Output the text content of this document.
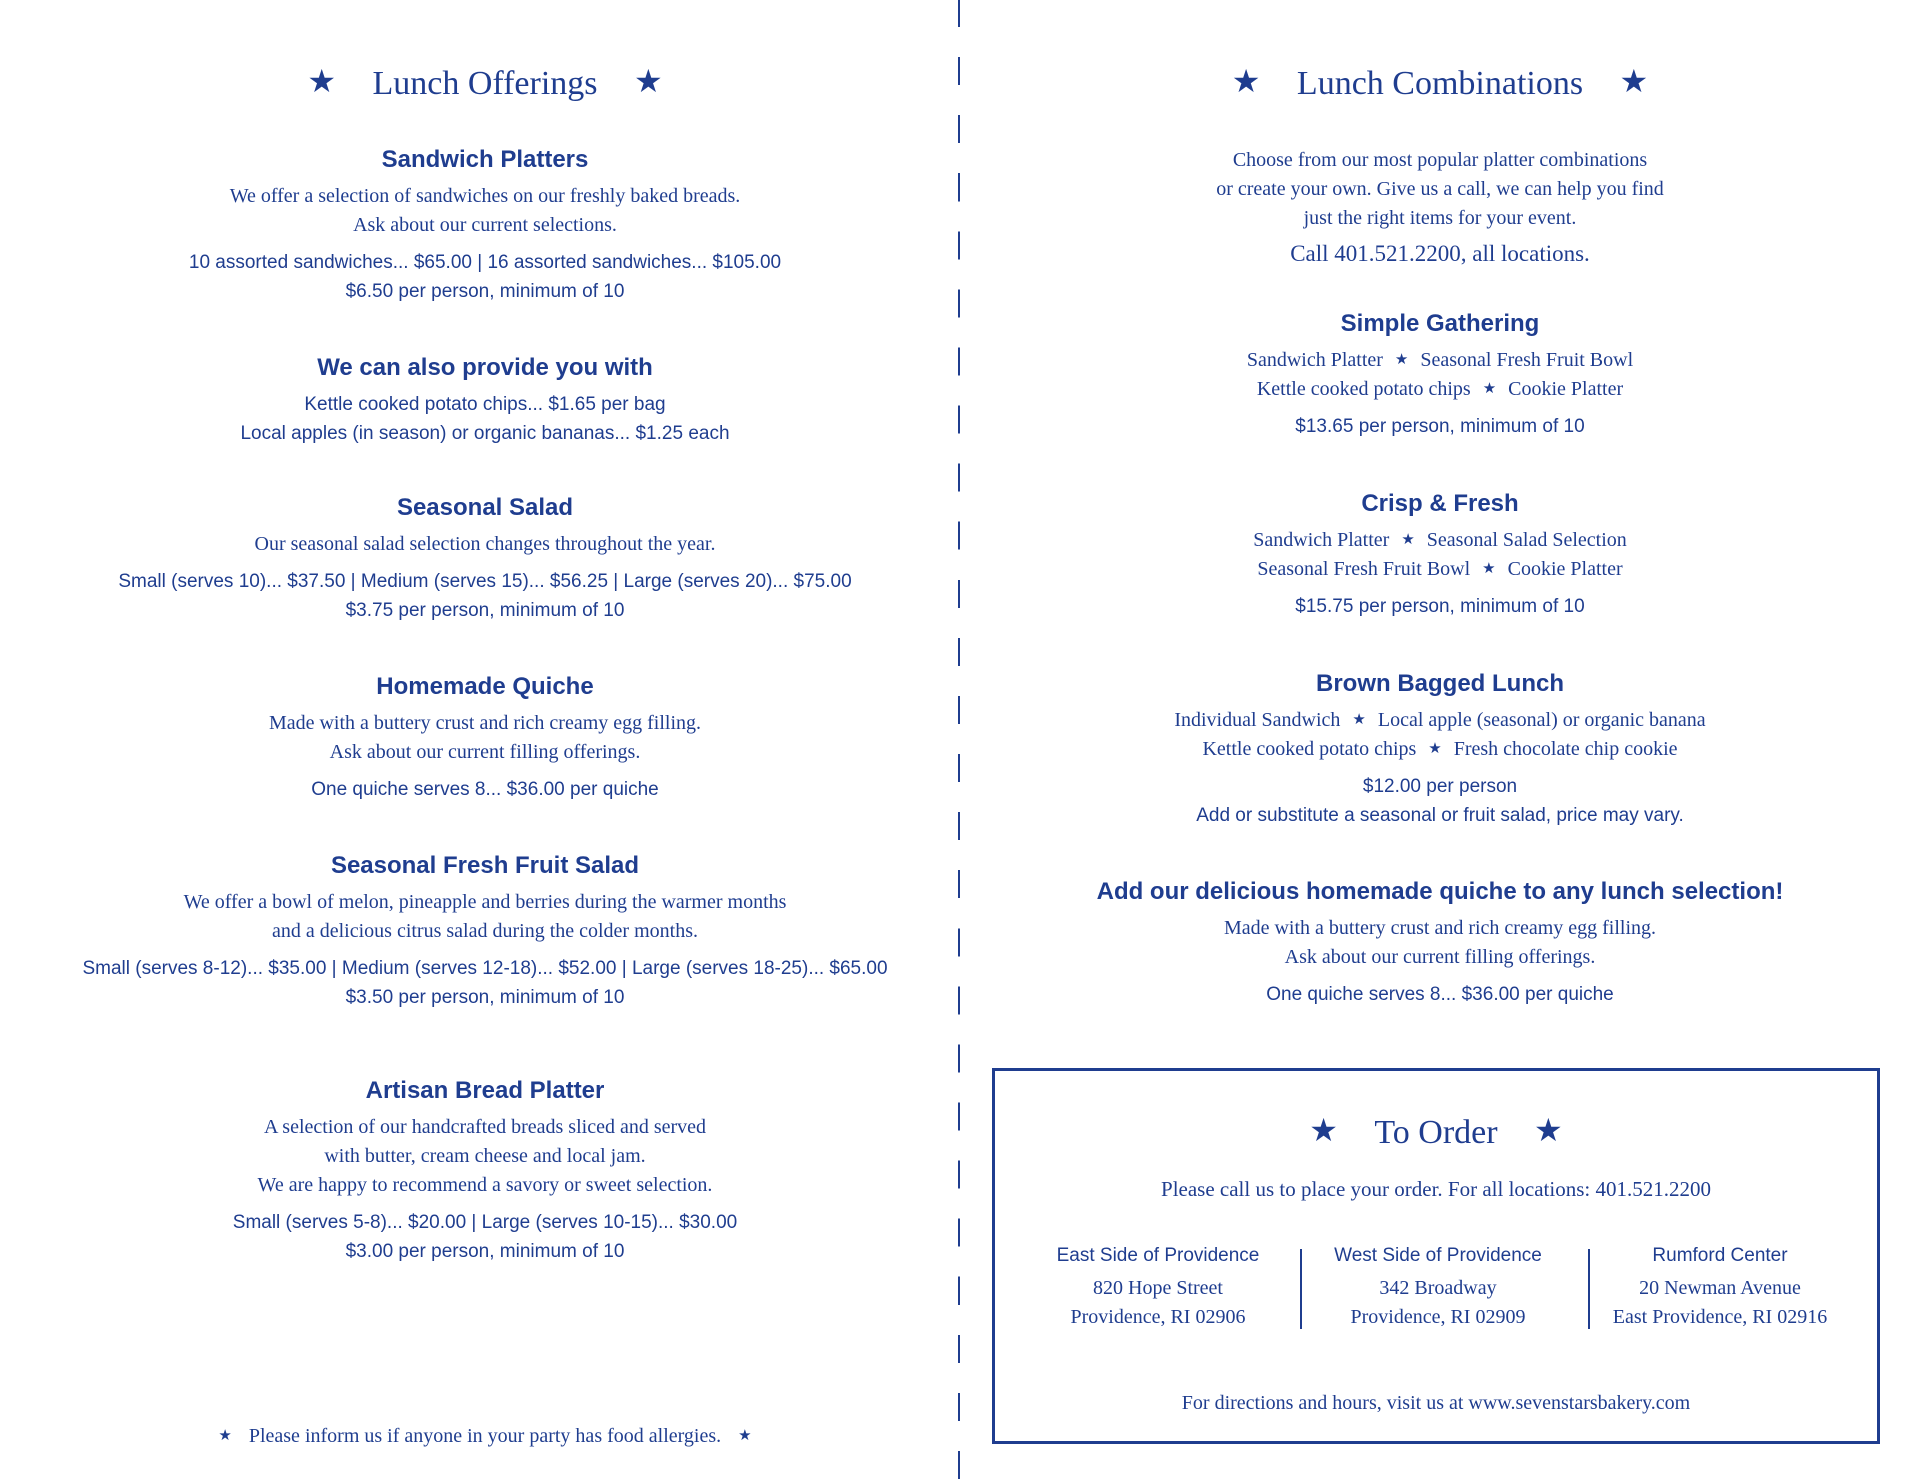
★ Lunch Offerings ★
Sandwich Platters
We offer a selection of sandwiches on our freshly baked breads.
Ask about our current selections.
10 assorted sandwiches... $65.00 | 16 assorted sandwiches... $105.00
$6.50 per person, minimum of 10
We can also provide you with
Kettle cooked potato chips... $1.65 per bag
Local apples (in season) or organic bananas... $1.25 each
Seasonal Salad
Our seasonal salad selection changes throughout the year.
Small (serves 10)... $37.50 | Medium (serves 15)... $56.25 | Large (serves 20)... $75.00
$3.75 per person, minimum of 10
Homemade Quiche
Made with a buttery crust and rich creamy egg filling.
Ask about our current filling offerings.
One quiche serves 8... $36.00 per quiche
Seasonal Fresh Fruit Salad
We offer a bowl of melon, pineapple and berries during the warmer months
and a delicious citrus salad during the colder months.
Small (serves 8-12)... $35.00 | Medium (serves 12-18)... $52.00 | Large (serves 18-25)... $65.00
$3.50 per person, minimum of 10
Artisan Bread Platter
A selection of our handcrafted breads sliced and served
with butter, cream cheese and local jam.
We are happy to recommend a savory or sweet selection.
Small (serves 5-8)... $20.00 | Large (serves 10-15)... $30.00
$3.00 per person, minimum of 10
★ Please inform us if anyone in your party has food allergies. ★
★ Lunch Combinations ★
Choose from our most popular platter combinations
or create your own. Give us a call, we can help you find
just the right items for your event.
Call 401.521.2200, all locations.
Simple Gathering
Sandwich Platter ★ Seasonal Fresh Fruit Bowl
Kettle cooked potato chips ★ Cookie Platter
$13.65 per person, minimum of 10
Crisp & Fresh
Sandwich Platter ★ Seasonal Salad Selection
Seasonal Fresh Fruit Bowl ★ Cookie Platter
$15.75 per person, minimum of 10
Brown Bagged Lunch
Individual Sandwich ★ Local apple (seasonal) or organic banana
Kettle cooked potato chips ★ Fresh chocolate chip cookie
$12.00 per person
Add or substitute a seasonal or fruit salad, price may vary.
Add our delicious homemade quiche to any lunch selection!
Made with a buttery crust and rich creamy egg filling.
Ask about our current filling offerings.
One quiche serves 8... $36.00 per quiche
★ To Order ★
Please call us to place your order. For all locations: 401.521.2200
East Side of Providence
820 Hope Street
Providence, RI 02906
West Side of Providence
342 Broadway
Providence, RI 02909
Rumford Center
20 Newman Avenue
East Providence, RI 02916
For directions and hours, visit us at www.sevenstarsbakery.com
